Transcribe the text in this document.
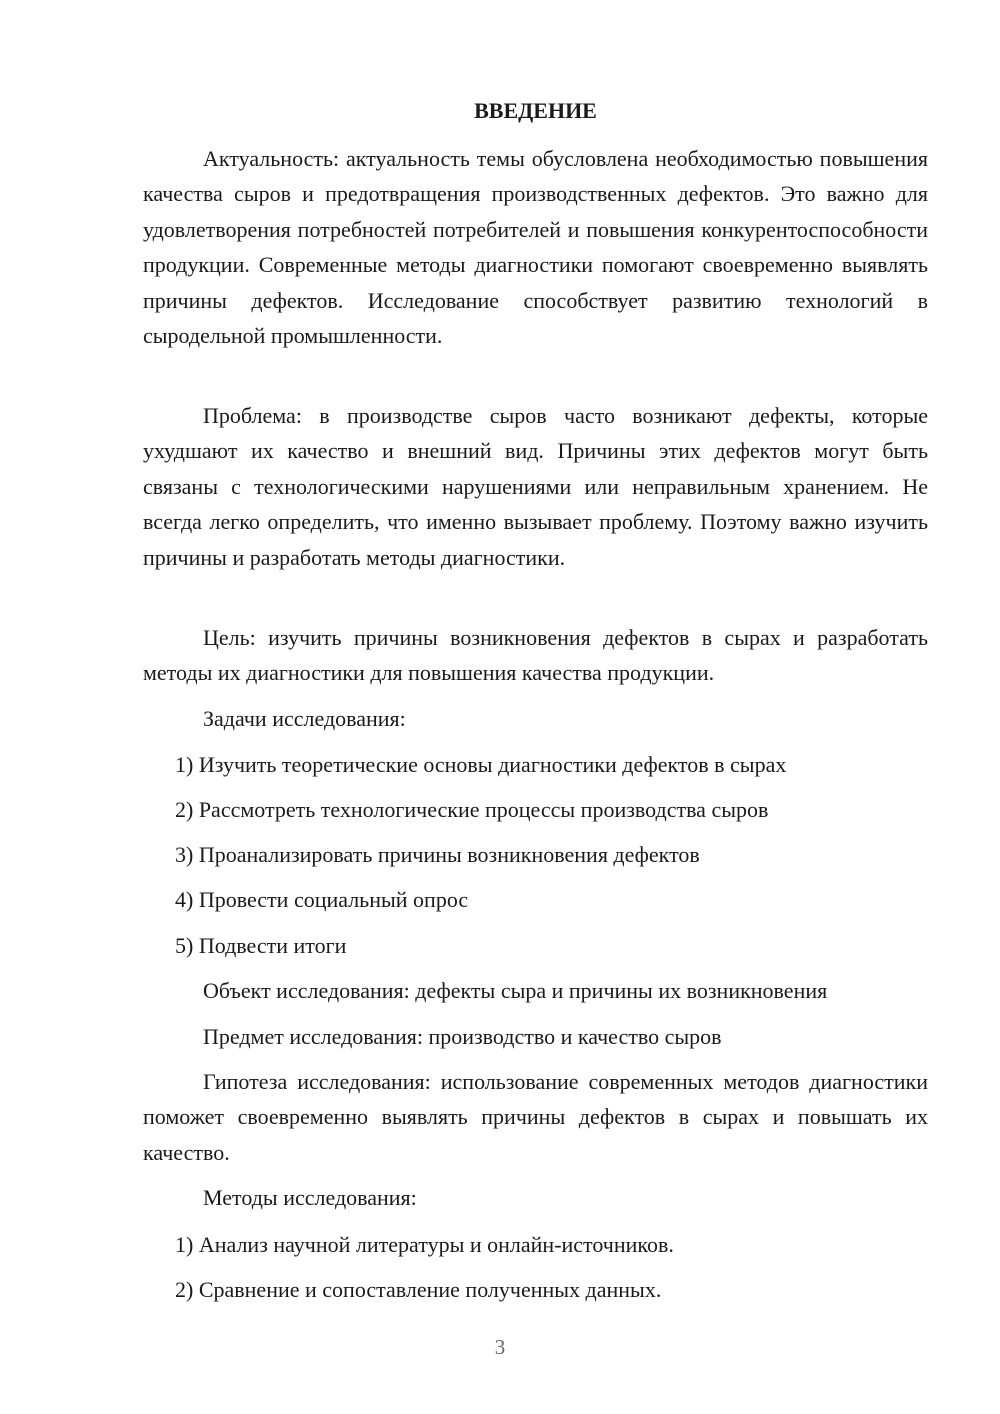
ВВЕДЕНИЕ

Актуальность: актуальность темы обусловлена необходимостью повышения качества сыров и предотвращения производственных дефектов. Это важно для удовлетворения потребностей потребителей и повышения конкурентоспособности продукции. Современные методы диагностики помогают своевременно выявлять причины дефектов. Исследование способствует развитию технологий в сыродельной промышленности.

Проблема: в производстве сыров часто возникают дефекты, которые ухудшают их качество и внешний вид. Причины этих дефектов могут быть связаны с технологическими нарушениями или неправильным хранением. Не всегда легко определить, что именно вызывает проблему. Поэтому важно изучить причины и разработать методы диагностики.

Цель: изучить причины возникновения дефектов в сырах и разработать методы их диагностики для повышения качества продукции.

Задачи исследования:

1) Изучить теоретические основы диагностики дефектов в сырах

2) Рассмотреть технологические процессы производства сыров

3) Проанализировать причины возникновения дефектов

4) Провести социальный опрос

5) Подвести итоги

Объект исследования: дефекты сыра и причины их возникновения

Предмет исследования: производство и качество сыров

Гипотеза исследования: использование современных методов диагностики поможет своевременно выявлять причины дефектов в сырах и повышать их качество.

Методы исследования:

1) Анализ научной литературы и онлайн-источников.

2) Сравнение и сопоставление полученных данных.

3
